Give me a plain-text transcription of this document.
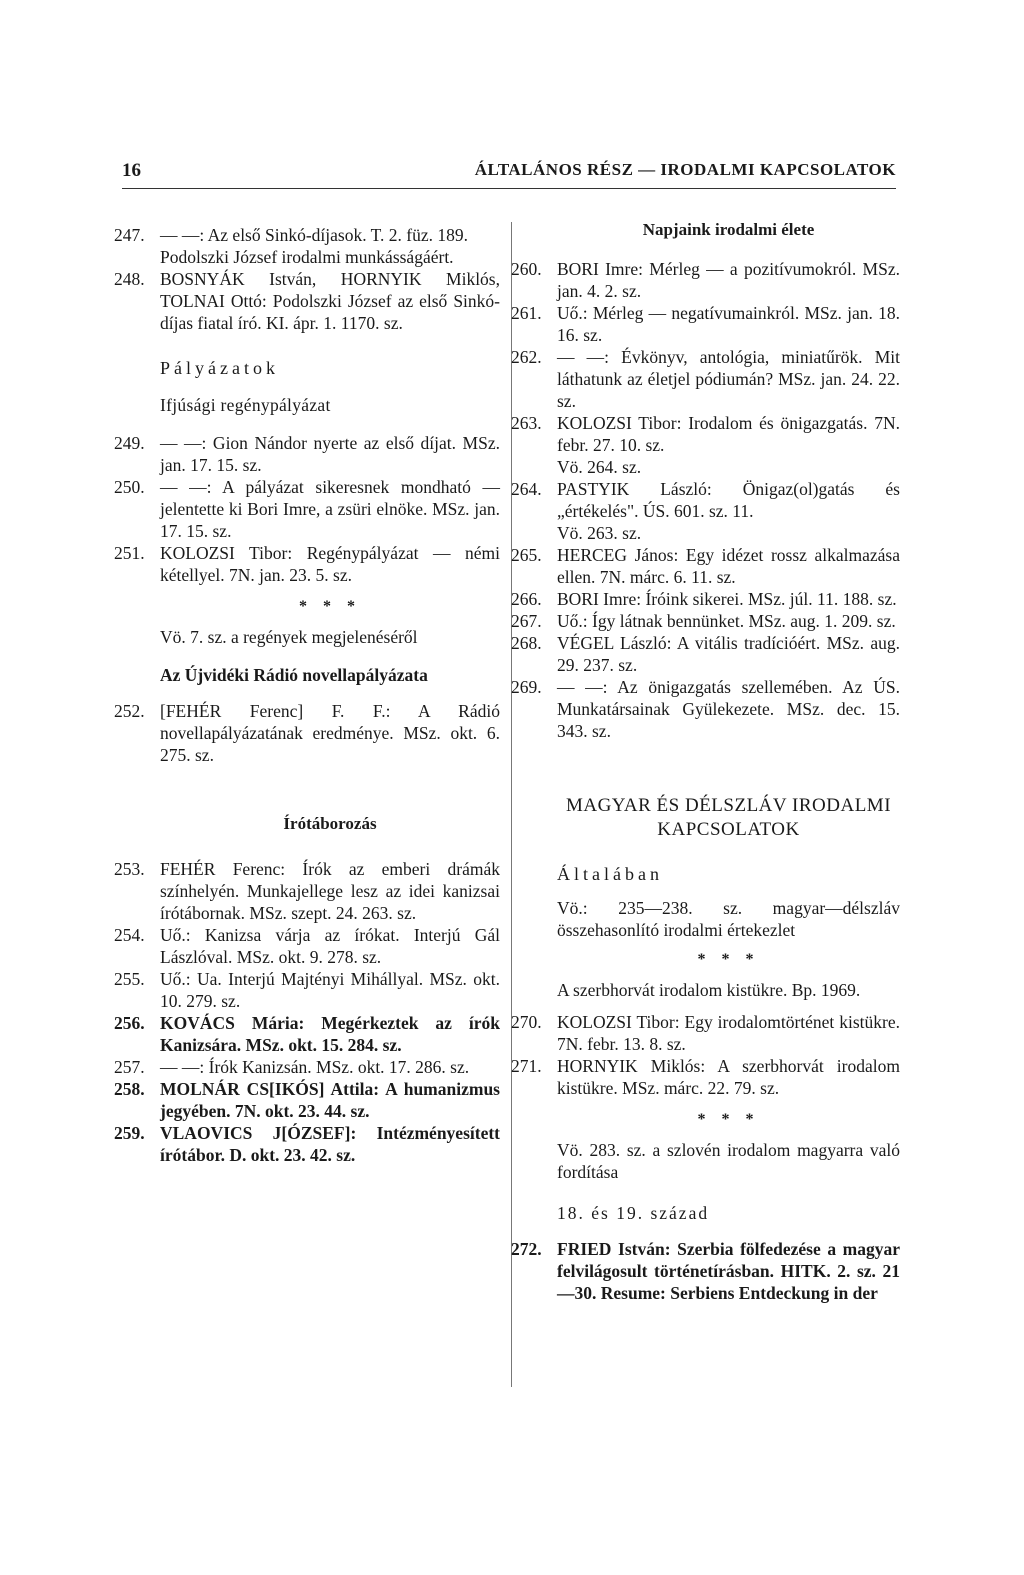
16	ÁLTALÁNOS RÉSZ — IRODALMI KAPCSOLATOK
247. — —: Az első Sinkó-díjasok. T. 2. füz. 189.

Podolszki József irodalmi munkásságáért.

248. BOSNYÁK István, HORNYIK Miklós, TOLNAI Ottó: Podolszki József az első Sinkó-díjas fiatal író. KI. ápr. 1. 1170. sz.

Pályázatok

Ifjúsági regénypályázat

249. — —: Gion Nándor nyerte az első díjat. MSz. jan. 17. 15. sz.
250. — —: A pályázat sikeresnek mondható — jelentette ki Bori Imre, a zsüri elnöke. MSz. jan. 17. 15. sz.
251. KOLOZSI Tibor: Regénypályázat — némi kétellyel. 7N. jan. 23. 5. sz.

* * *

Vö. 7. sz. a regények megjelenéséről

Az Újvidéki Rádió novellapályázata

252. [FEHÉR Ferenc] F. F.: A Rádió novellapályázatának eredménye. MSz. okt. 6. 275. sz.

Írótáborozás

253. FEHÉR Ferenc: Írók az emberi drámák színhelyén. Munkajellege lesz az idei kanizsai írótábornak. MSz. szept. 24. 263. sz.
254. Uő.: Kanizsa várja az írókat. Interjú Gál Lászlóval. MSz. okt. 9. 278. sz.
255. Uő.: Ua. Interjú Majtényi Mihállyal. MSz. okt. 10. 279. sz.
256. KOVÁCS Mária: Megérkeztek az írók Kanizsára. MSz. okt. 15. 284. sz.
257. — —: Írók Kanizsán. MSz. okt. 17. 286. sz.
258. MOLNÁR CS[IKÓS] Attila: A humanizmus jegyében. 7N. okt. 23. 44. sz.
259. VLAOVICS J[ÓZSEF]: Intézményesített írótábor. D. okt. 23. 42. sz.

Napjaink irodalmi élete

260. BORI Imre: Mérleg — a pozitívumokról. MSz. jan. 4. 2. sz.
261. Uő.: Mérleg — negatívumainkról. MSz. jan. 18. 16. sz.
262. — —: Évkönyv, antológia, miniatűrök. Mit láthatunk az életjel pódiumán? MSz. jan. 24. 22. sz.
263. KOLOZSI Tibor: Irodalom és önigazgatás. 7N. febr. 27. 10. sz.

Vö. 264. sz.

264. PASTYIK László: Önigaz(ol)gatás és „értékelés". ÚS. 601. sz. 11.

Vö. 263. sz.

265. HERCEG János: Egy idézet rossz alkalmazása ellen. 7N. márc. 6. 11. sz.
266. BORI Imre: Íróink sikerei. MSz. júl. 11. 188. sz.
267. Uő.: Így látnak bennünket. MSz. aug. 1. 209. sz.
268. VÉGEL László: A vitális tradícióért. MSz. aug. 29. 237. sz.
269. — —: Az önigazgatás szellemében. Az ÚS. Munkatársainak Gyülekezete. MSz. dec. 15. 343. sz.

MAGYAR ÉS DÉLSZLÁV IRODALMI KAPCSOLATOK

Általában

Vö.: 235—238. sz. magyar—délszláv összehasonlító irodalmi értekezlet

* * *

A szerbhorvát irodalom kistükre. Bp. 1969.

270. KOLOZSI Tibor: Egy irodalomtörténet kistükre. 7N. febr. 13. 8. sz.
271. HORNYIK Miklós: A szerbhorvát irodalom kistükre. MSz. márc. 22. 79. sz.

* * *

Vö. 283. sz. a szlovén irodalom magyarra való fordítása

18. és 19. század

272. FRIED István: Szerbia fölfedezése a magyar felvilágosult történetírásban. HITK. 2. sz. 21—30. Resume: Serbiens Entdeckung in der
